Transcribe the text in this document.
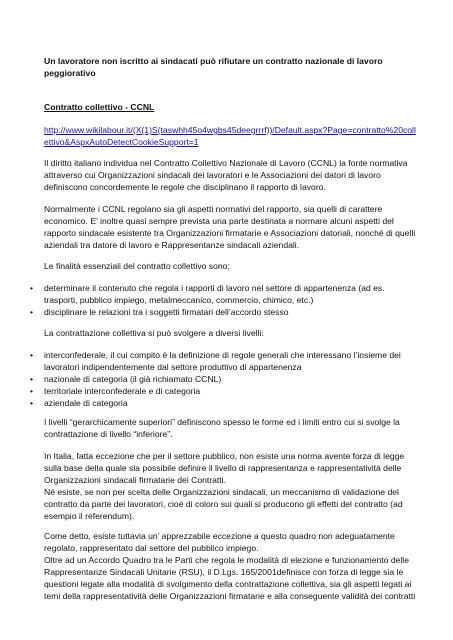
Un lavoratore non iscritto ai sindacati può rifiutare un contratto nazionale di lavoro peggiorativo

Contratto collettivo - CCNL

http://www.wikilabour.it/(X(1)S(taswhh45o4wgbs45deegrrrf))/Default.aspx?Page=contratto%20collettivo&AspxAutoDetectCookieSupport=1

Il diritto italiano individua nel Contratto Collettivo Nazionale di Lavoro (CCNL) la fonte normativa attraverso cui Organizzazioni sindacali dei lavoratori e le Associazioni dei datori di lavoro definiscono concordemente le regole che disciplinano il rapporto di lavoro.

Normalmente i CCNL regolano sia gli aspetti normativi del rapporto, sia quelli di carattere economico. E’ inoltre quasi sempre prevista una parte destinata a normare alcuni aspetti del rapporto sindacale esistente tra Organizzazioni firmatarie e Associazioni datoriali, nonché di quelli aziendali tra datore di lavoro e Rappresentanze sindacali aziendali.

Le finalità essenziali del contratto collettivo sono:

• determinare il contenuto che regola i rapporti di lavoro nel settore di appartenenza (ad es. trasporti, pubblico impiego, metalmeccanico, commercio, chimico, etc.)
• disciplinare le relazioni tra i soggetti firmatari dell’accordo stesso

La contrattazione collettiva si può svolgere a diversi livelli:

• interconfederale, il cui compito è la definizione di regole generali che interessano l’insieme dei lavoratori indipendentemente dal settore produttivo di appartenenza
• nazionale di categoria (il già richiamato CCNL)
• territoriale interconfederale e di categoria
• aziendale di categoria

I livelli “gerarchicamente superiori” definiscono spesso le forme ed i limiti entro cui si svolge la contrattazione di livello “inferiore”.

In Italia, fatta eccezione che per il settore pubblico, non esiste una norma avente forza di legge sulla base della quale sia possibile definire il livello di rappresentanza e rappresentatività delle Organizzazioni sindacali firmatarie dei Contratti.
Né esiste, se non per scelta delle Organizzazioni sindacali, un meccanismo di validazione del contratto da parte dei lavoratori, cioè di coloro sui quali si producono gli effetti del contratto (ad esempio il referendum).

Come detto, esiste tuttavia un’ apprezzabile eccezione a questo quadro non adeguatamente regolato, rappresentato dal settore del pubblico impiego.
Oltre ad un Accordo Quadro tra le Parti che regola le modalità di elezione e funzionamento delle Rappresentanze Sindacali Unitarie (RSU), il D.Lgs. 165/2001definisce con forza di legge sia le questioni legate alla modalità di svolgimento della contrattazione collettiva, sia gli aspetti legati ai temi della rappresentatività delle Organizzazioni firmatarie e alla conseguente validità dei contratti
